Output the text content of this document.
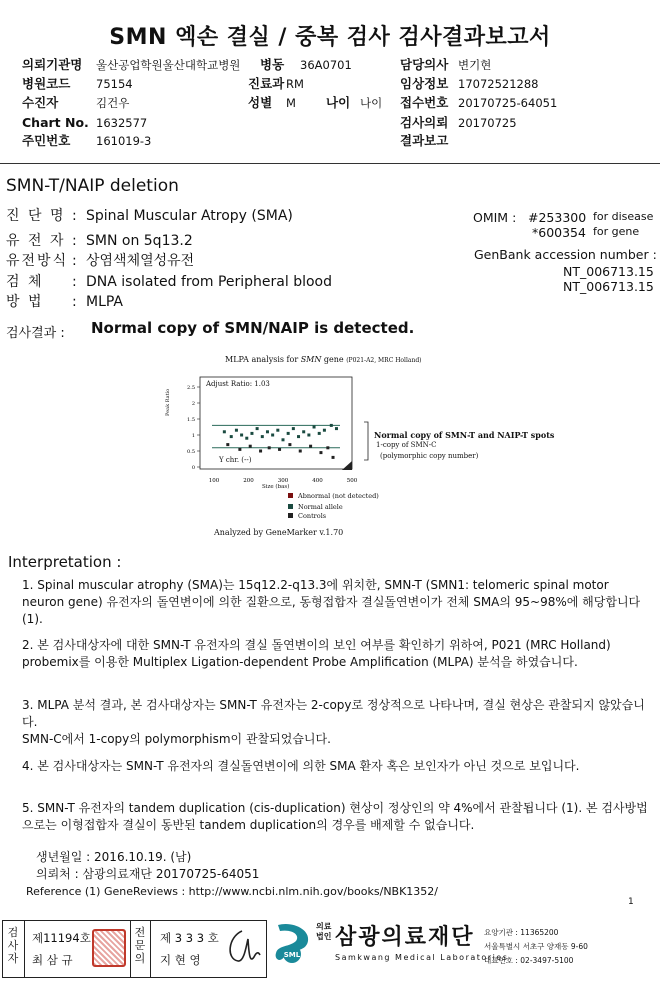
SMN 엑손 결실 / 중복 검사 검사결과보고서
의뢰기관명 울산공업학원울산대학교병원 병동 36A0701	담당의사 변기현
병원코드 75154	진료과 RM	임상정보 17072521288
수진자	김건우	성별 M 나이 나이 접수번호 20170725-64051
Chart No. 1632577	검사의뢰 20170725
주민번호 161019-3	결과보고
SMN-T/NAIP deletion
진 단 명 : Spinal Muscular Atropy (SMA)
유 전 자 : SMN on 5q13.2
유전방식 : 상염색체열성유전
검 체 : DNA isolated from Peripheral blood
방 법 : MLPA
OMIM : #253300 for disease
*600354 for gene
GenBank accession number :
NT_006713.15
NT_006713.15
검사결과 : Normal copy of SMN/NAIP is detected.
MLPA analysis for SMN gene (P021-A2, MRC Holland)
0
0.5
1
1.5
2
2.5
100	200	300	400	500
Adjust Ratio: 1.03
Y chr. (--)
Peak Ratio
Size (bas)
Normal copy of SMN-T and NAIP-T spots
1-copy of SMN-C
(polymorphic copy number)
Abnormal (not detected)
Normal allele
Controls
Analyzed by GeneMarker v.1.70
Interpretation :
1. Spinal muscular atrophy (SMA)는 15q12.2-q13.3에 위치한, SMN-T (SMN1: telomeric spinal motor neuron gene) 유전자의 돌연변이에 의한 질환으로, 동형접합자 결실돌연변이가 전체 SMA의 95~98%에 해당합니다 (1).
2. 본 검사대상자에 대한 SMN-T 유전자의 결실 돌연변이의 보인 여부를 확인하기 위하여, P021 (MRC Holland) probemix를 이용한 Multiplex Ligation-dependent Probe Amplification (MLPA) 분석을 하였습니다.
3. MLPA 분석 결과, 본 검사대상자는 SMN-T 유전자는 2-copy로 정상적으로 나타나며, 결실 현상은 관찰되지 않았습니다.
SMN-C에서 1-copy의 polymorphism이 관찰되었습니다.
4. 본 검사대상자는 SMN-T 유전자의 결실돌연변이에 의한 SMA 환자 혹은 보인자가 아닌 것으로 보입니다.
5. SMN-T 유전자의 tandem duplication (cis-duplication) 현상이 정상인의 약 4%에서 관찰됩니다 (1). 본 검사방법으로는 이형접합자 결실이 동반된 tandem duplication의 경우를 배제할 수 없습니다.
생년월일 : 2016.10.19. (남)
의뢰처 : 삼광의료재단 20170725-64051
Reference (1) GeneReviews : http://www.ncbi.nlm.nih.gov/books/NBK1352/
1
검사자
제11194호
최 삼 규
전문의
제 3 3 3 호
지 현 영	SML
의료법인 삼광의료재단
Samkwang Medical Laboratories
요양기관 : 11365200
서울특별시 서초구 양재동 9-60
대표번호 : 02-3497-5100
